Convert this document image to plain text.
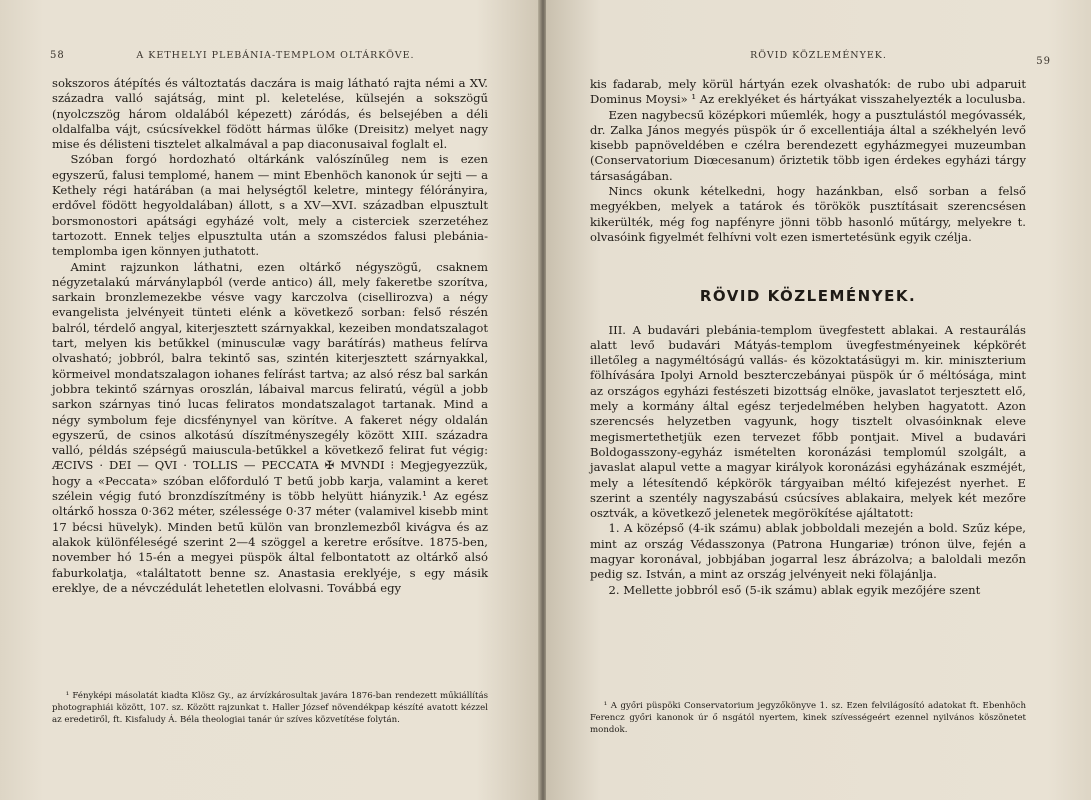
58	A KETHELYI PLEBÁNIA-TEMPLOM OLTÁRKÖVE.

sokszoros átépítés és változtatás daczára is maig látható rajta némi a XV. századra valló sajátság, mint pl. keletelése, külsején a sokszögű (nyolczszög három oldalából képezett) záródás, és belsejében a déli oldalfalba vájt, csúcsívekkel födött hármas ülőke (Dreisitz) melyet nagy mise és délisteni tisztelet alkalmával a pap diaconusaival foglalt el.

Szóban forgó hordozható oltárkánk valószínűleg nem is ezen egyszerű, falusi templomé, hanem — mint Ebenhöch kanonok úr sejti — a Kethely régi határában (a mai helységtől keletre, mintegy félórányira, erdővel födött hegyoldalában) állott, s a XV—XVI. században elpusztult borsmonostori apátsági egyházé volt, mely a cisterciek szerzetéhez tartozott. Ennek teljes elpusztulta után a szomszédos falusi plebánia-templomba igen könnyen juthatott.

Amint rajzunkon láthatni, ezen oltárkő négyszögű, csaknem négyzetalakú márványlapból (verde antico) áll, mely fakeretbe szorítva, sarkain bronzlemezekbe vésve vagy karczolva (cisellirozva) a négy evangelista jelvényeit tünteti elénk a következő sorban: felső részén balról, térdelő angyal, kiterjesztett szárnyakkal, kezeiben mondatszalagot tart, melyen kis betűkkel (minusculæ vagy barátírás) matheus felírva olvasható; jobbról, balra tekintő sas, szintén kiterjesztett szárnyakkal, körmeivel mondatszalagon iohanes felírást tartva; az alsó rész bal sarkán jobbra tekintő szárnyas oroszlán, lábaival marcus feliratú, végül a jobb sarkon szárnyas tinó lucas feliratos mondatszalagot tartanak. Mind a négy symbolum feje dicsfénynyel van körítve. A fakeret négy oldalán egyszerű, de csinos alkotású díszítményszegély között XIII. századra valló, példás szépségű maiuscula-betűkkel a következő felirat fut végig: ÆCIVS · DEI — QVI · TOLLIS — PECCATA ✠ MVNDI ⁝ Megjegyezzük, hogy a «Peccata» szóban előforduló T betű jobb karja, valamint a keret szélein végig futó bronzdíszítmény is több helyütt hiányzik.¹ Az egész oltárkő hossza 0·362 méter, szélessége 0·37 méter (valamivel kisebb mint 17 bécsi hüvelyk). Minden betű külön van bronzlemezből kivágva és az alakok különféleségé szerint 2—4 szöggel a keretre erősítve. 1875-ben, november hó 15-én a megyei püspök által felbontatott az oltárkő alsó faburkolatja, «találtatott benne sz. Anastasia ereklyéje, s egy másik ereklye, de a névczédulát lehetetlen elolvasni. Továbbá egy

¹ Fényképi másolatát kiadta Klösz Gy., az árvízkárosultak javára 1876-ban rendezett műkiállítás photographiái között, 107. sz. Között rajzunkat t. Haller József növendékpap készíté avatott kézzel az eredetiről, ft. Kisfaludy Á. Béla theologiai tanár úr szíves közvetítése folytán.

RÖVID KÖZLEMÉNYEK.
59

kis fadarab, mely körül hártyán ezek olvashatók: de rubo ubi adparuit Dominus Moysi» ¹ Az ereklyéket és hártyákat visszahelyezték a loculusba.

Ezen nagybecsű középkori műemlék, hogy a pusztulástól megóvassék, dr. Zalka János megyés püspök úr ő excellentiája által a székhelyén levő kisebb papnöveldében e czélra berendezett egyházmegyei muzeumban (Conservatorium Diœcesanum) őriztetik több igen érdekes egyházi tárgy társaságában.

Nincs okunk kételkedni, hogy hazánkban, első sorban a felső megyékben, melyek a tatárok és törökök pusztításait szerencsésen kikerülték, még fog napfényre jönni több hasonló műtárgy, melyekre t. olvasóink figyelmét felhívni volt ezen ismertetésünk egyik czélja.

RÖVID KÖZLEMÉNYEK.

III. A budavári plebánia-templom üvegfestett ablakai. A restaurálás alatt levő budavári Mátyás-templom üvegfestményeinek képkörét illetőleg a nagyméltóságú vallás- és közoktatásügyi m. kir. miniszterium fölhívására Ipolyi Arnold beszterczebányai püspök úr ő méltósága, mint az országos egyházi festészeti bizottság elnöke, javaslatot terjesztett elő, mely a kormány által egész terjedelmében helyben hagyatott. Azon szerencsés helyzetben vagyunk, hogy tisztelt olvasóinknak eleve megismertethetjük ezen tervezet főbb pontjait. Mivel a budavári Boldogasszony-egyház ismételten koronázási templomúl szolgált, a javaslat alapul vette a magyar királyok koronázási egyházának eszméjét, mely a létesítendő képkörök tárgyaiban méltó kifejezést nyerhet. E szerint a szentély nagyszabású csúcsíves ablakaira, melyek két mezőre osztvák, a következő jelenetek megörökítése ajáltatott:

1. A középső (4-ik számu) ablak jobboldali mezején a bold. Szűz képe, mint az ország Védasszonya (Patrona Hungariæ) trónon ülve, fején a magyar koronával, jobbjában jogarral lesz ábrázolva; a baloldali mezőn pedig sz. István, a mint az ország jelvényeit neki fölajánlja.

2. Mellette jobbról eső (5-ik számu) ablak egyik mezőjére szent

¹ A győri püspöki Conservatorium jegyzőkönyve 1. sz. Ezen felvilágosító adatokat ft. Ebenhöch Ferencz győri kanonok úr ő nsgától nyertem, kinek szívességeért ezennel nyilvános köszönetet mondok.
